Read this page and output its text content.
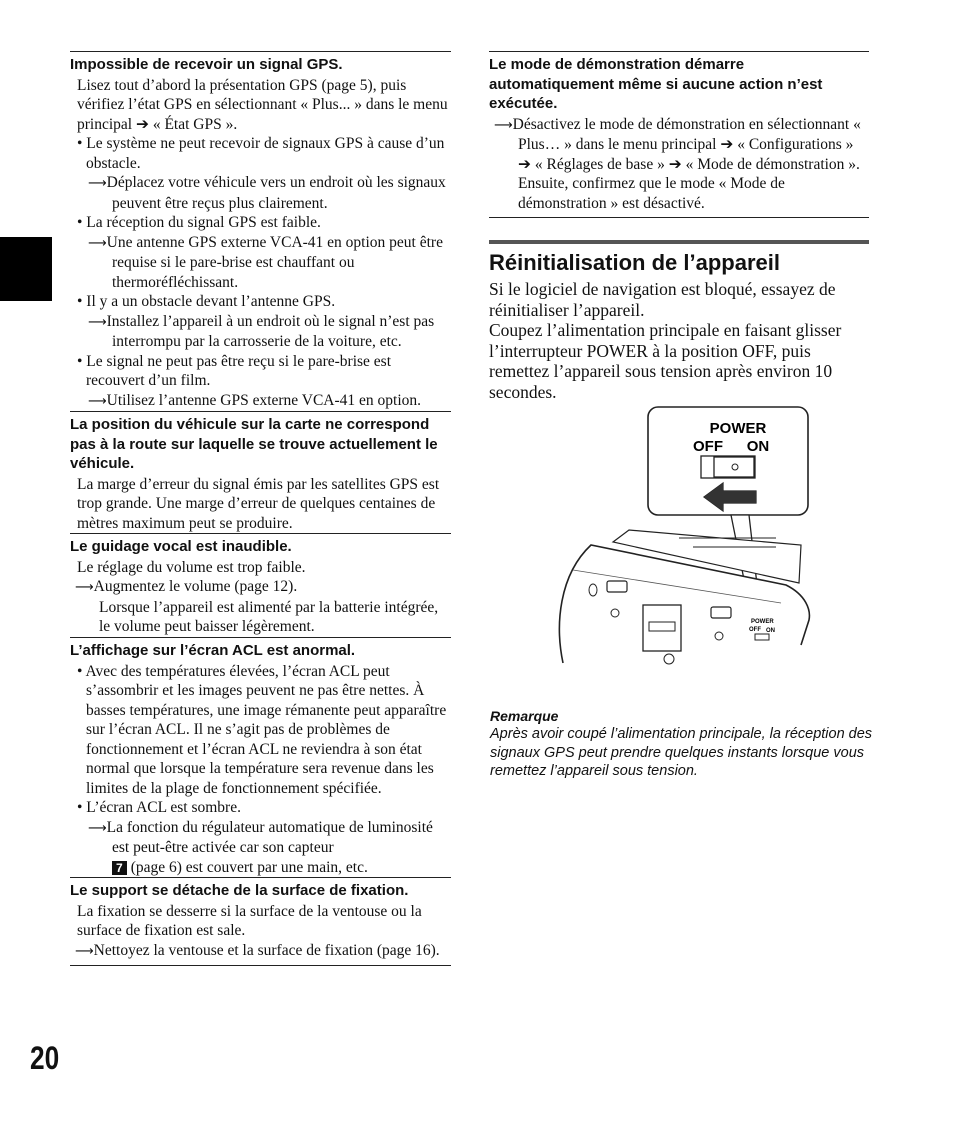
20

Impossible de recevoir un signal GPS.

Lisez tout d’abord la présentation GPS (page 5), puis vérifiez l’état GPS en sélectionnant « Plus... » dans le menu principal ➔ « État GPS ».

• Le système ne peut recevoir de signaux GPS à cause d’un obstacle.

⟶Déplacez votre véhicule vers un endroit où les signaux peuvent être reçus plus clairement.

• La réception du signal GPS est faible.

⟶Une antenne GPS externe VCA-41 en option peut être requise si le pare-brise est chauffant ou thermoréfléchissant.

• Il y a un obstacle devant l’antenne GPS.

⟶Installez l’appareil à un endroit où le signal n’est pas interrompu par la carrosserie de la voiture, etc.

• Le signal ne peut pas être reçu si le pare-brise est recouvert d’un film.

⟶Utilisez l’antenne GPS externe VCA-41 en option.

La position du véhicule sur la carte ne correspond pas à la route sur laquelle se trouve actuellement le véhicule.

La marge d’erreur du signal émis par les satellites GPS est trop grande. Une marge d’erreur de quelques centaines de mètres maximum peut se produire.

Le guidage vocal est inaudible.

Le réglage du volume est trop faible.

⟶Augmentez le volume (page 12).

Lorsque l’appareil est alimenté par la batterie intégrée, le volume peut baisser légèrement.

L’affichage sur l’écran ACL est anormal.

• Avec des températures élevées, l’écran ACL peut s’assombrir et les images peuvent ne pas être nettes. À basses températures, une image rémanente peut apparaître sur l’écran ACL. Il ne s’agit pas de problèmes de fonctionnement et l’écran ACL ne reviendra à son état normal que lorsque la température sera revenue dans les limites de la plage de fonctionnement spécifiée.

• L’écran ACL est sombre.

⟶La fonction du régulateur automatique de luminosité est peut-être activée car son capteur
7 (page 6) est couvert par une main, etc.

Le support se détache de la surface de fixation.

La fixation se desserre si la surface de la ventouse ou la surface de fixation est sale.

⟶Nettoyez la ventouse et la surface de fixation (page 16).

Le mode de démonstration démarre automatiquement même si aucune action n’est exécutée.

⟶Désactivez le mode de démonstration en sélectionnant « Plus… » dans le menu principal ➔ « Configurations » ➔ « Réglages de base » ➔ « Mode de démonstration ». Ensuite, confirmez que le mode « Mode de démonstration » est désactivé.

Réinitialisation de l’appareil

Si le logiciel de navigation est bloqué, essayez de réinitialiser l’appareil.

Coupez l’alimentation principale en faisant glisser l’interrupteur POWER à la position OFF, puis remettez l’appareil sous tension après environ 10 secondes.

POWER
OFF ON
POWER
OFF ON
Remarque
Après avoir coupé l’alimentation principale, la réception des signaux GPS peut prendre quelques instants lorsque vous remettez l’appareil sous tension.
